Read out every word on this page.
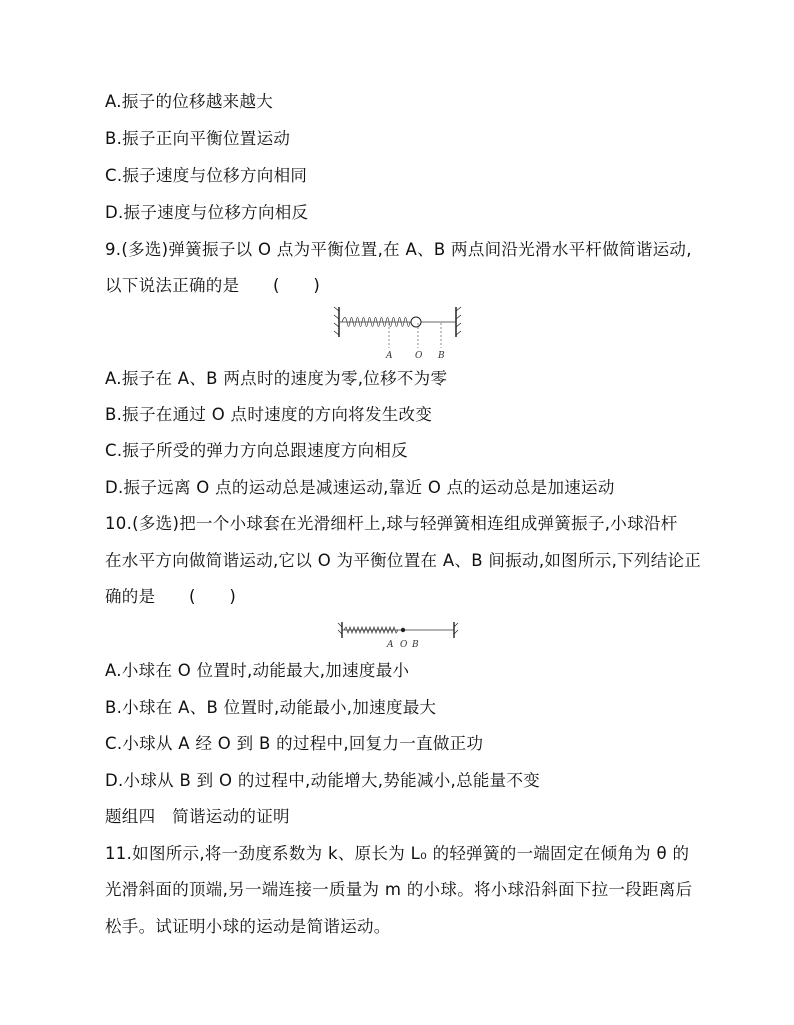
A.振子的位移越来越大
B.振子正向平衡位置运动
C.振子速度与位移方向相同
D.振子速度与位移方向相反
9.(多选)弹簧振子以 O 点为平衡位置,在 A、B 两点间沿光滑水平杆做简谐运动,
以下说法正确的是　　(　　)
A	O B
A.振子在 A、B 两点时的速度为零,位移不为零
B.振子在通过 O 点时速度的方向将发生改变
C.振子所受的弹力方向总跟速度方向相反
D.振子远离 O 点的运动总是减速运动,靠近 O 点的运动总是加速运动
10.(多选)把一个小球套在光滑细杆上,球与轻弹簧相连组成弹簧振子,小球沿杆
在水平方向做简谐运动,它以 O 为平衡位置在 A、B 间振动,如图所示,下列结论正
确的是　　(　　)
A O B
A.小球在 O 位置时,动能最大,加速度最小
B.小球在 A、B 位置时,动能最小,加速度最大
C.小球从 A 经 O 到 B 的过程中,回复力一直做正功
D.小球从 B 到 O 的过程中,动能增大,势能减小,总能量不变
题组四　简谐运动的证明
11.如图所示,将一劲度系数为 k、原长为 L₀ 的轻弹簧的一端固定在倾角为 θ 的
光滑斜面的顶端,另一端连接一质量为 m 的小球。将小球沿斜面下拉一段距离后
松手。试证明小球的运动是简谐运动。
